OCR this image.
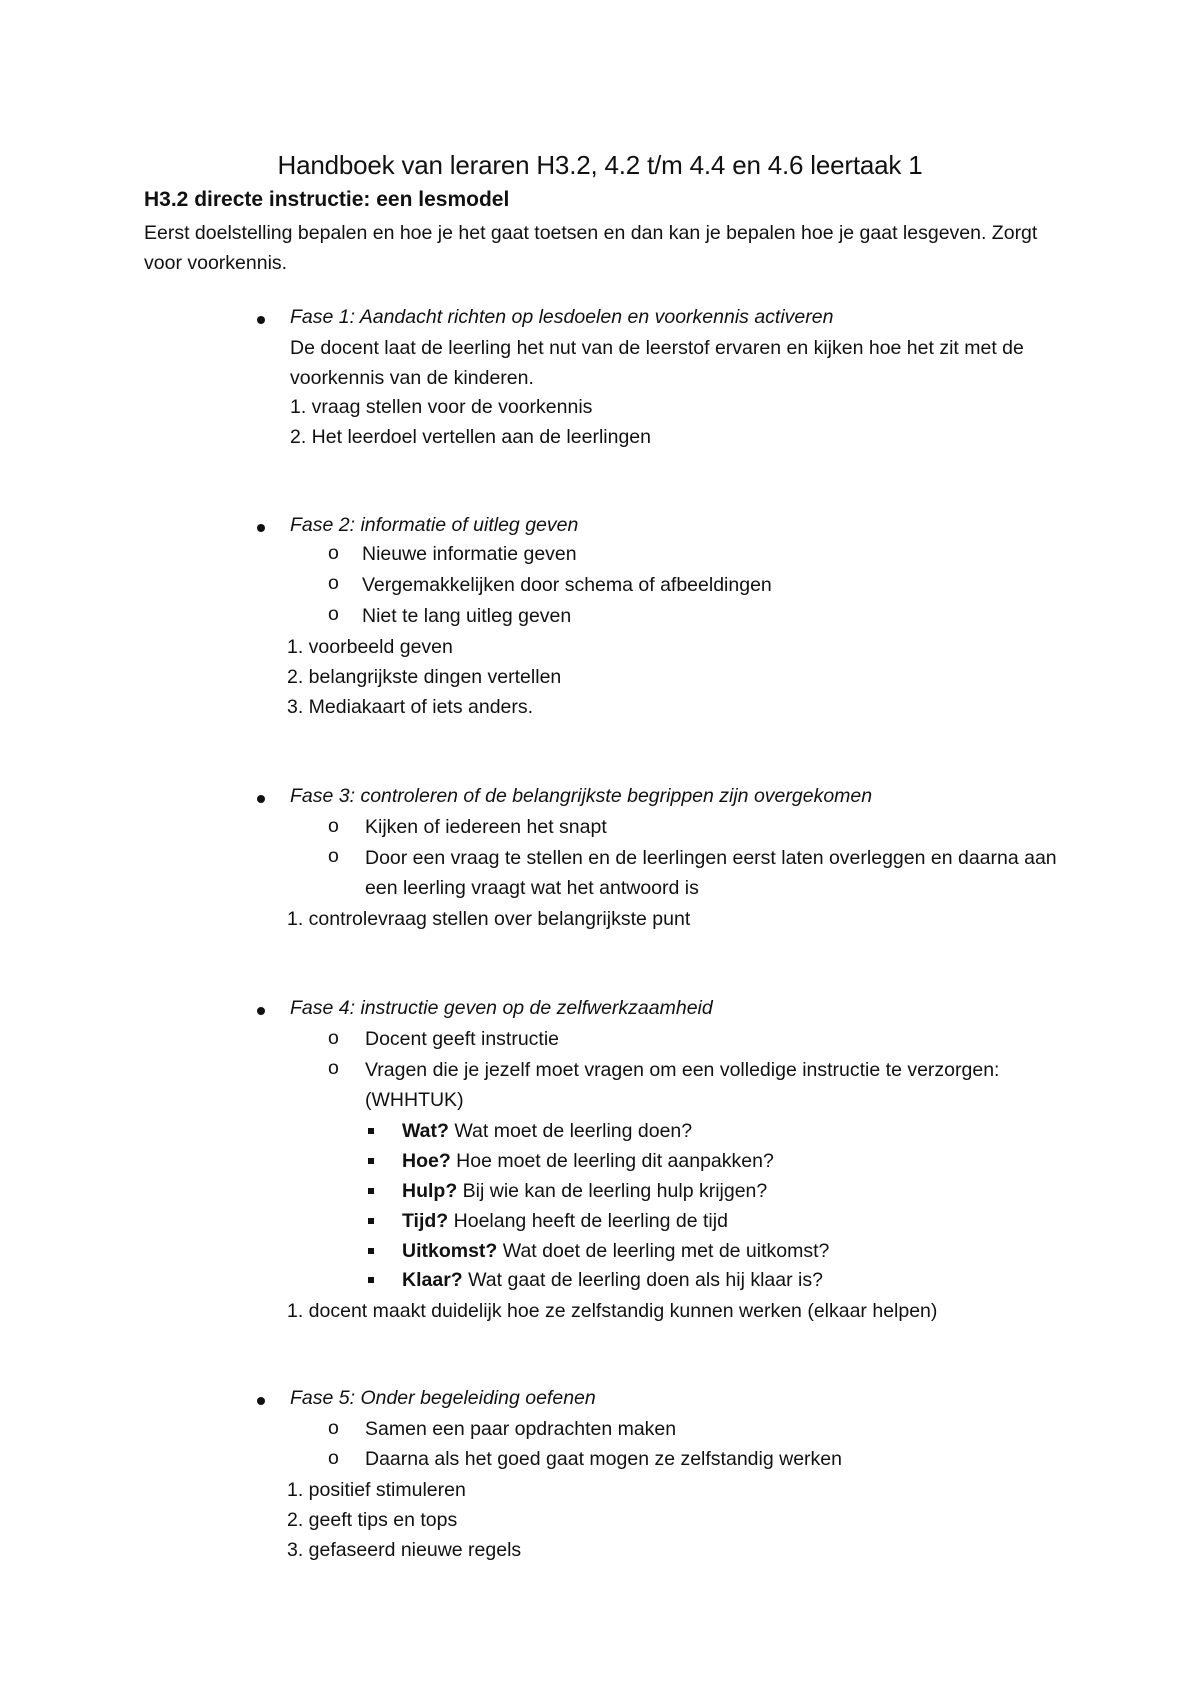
Handboek van leraren H3.2, 4.2 t/m 4.4 en 4.6 leertaak 1
H3.2 directe instructie: een lesmodel

Eerst doelstelling bepalen en hoe je het gaat toetsen en dan kan je bepalen hoe je gaat lesgeven. Zorgt voor voorkennis.

Fase 1: Aandacht richten op lesdoelen en voorkennis activeren
De docent laat de leerling het nut van de leerstof ervaren en kijken hoe het zit met de voorkennis van de kinderen.
1. vraag stellen voor de voorkennis
2. Het leerdoel vertellen aan de leerlingen
Fase 2: informatie of uitleg geven
o Nieuwe informatie geven
o Vergemakkelijken door schema of afbeeldingen
o Niet te lang uitleg geven
1. voorbeeld geven
2. belangrijkste dingen vertellen
3. Mediakaart of iets anders.
Fase 3: controleren of de belangrijkste begrippen zijn overgekomen
o Kijken of iedereen het snapt
o Door een vraag te stellen en de leerlingen eerst laten overleggen en daarna aan een leerling vraagt wat het antwoord is
1. controlevraag stellen over belangrijkste punt
Fase 4: instructie geven op de zelfwerkzaamheid
o Docent geeft instructie
o Vragen die je jezelf moet vragen om een volledige instructie te verzorgen: (WHHTUK)
Wat? Wat moet de leerling doen?
Hoe? Hoe moet de leerling dit aanpakken?
Hulp? Bij wie kan de leerling hulp krijgen?
Tijd? Hoelang heeft de leerling de tijd
Uitkomst? Wat doet de leerling met de uitkomst?
Klaar? Wat gaat de leerling doen als hij klaar is?
1. docent maakt duidelijk hoe ze zelfstandig kunnen werken (elkaar helpen)
Fase 5: Onder begeleiding oefenen
o Samen een paar opdrachten maken
o Daarna als het goed gaat mogen ze zelfstandig werken
1. positief stimuleren
2. geeft tips en tops
3. gefaseerd nieuwe regels
